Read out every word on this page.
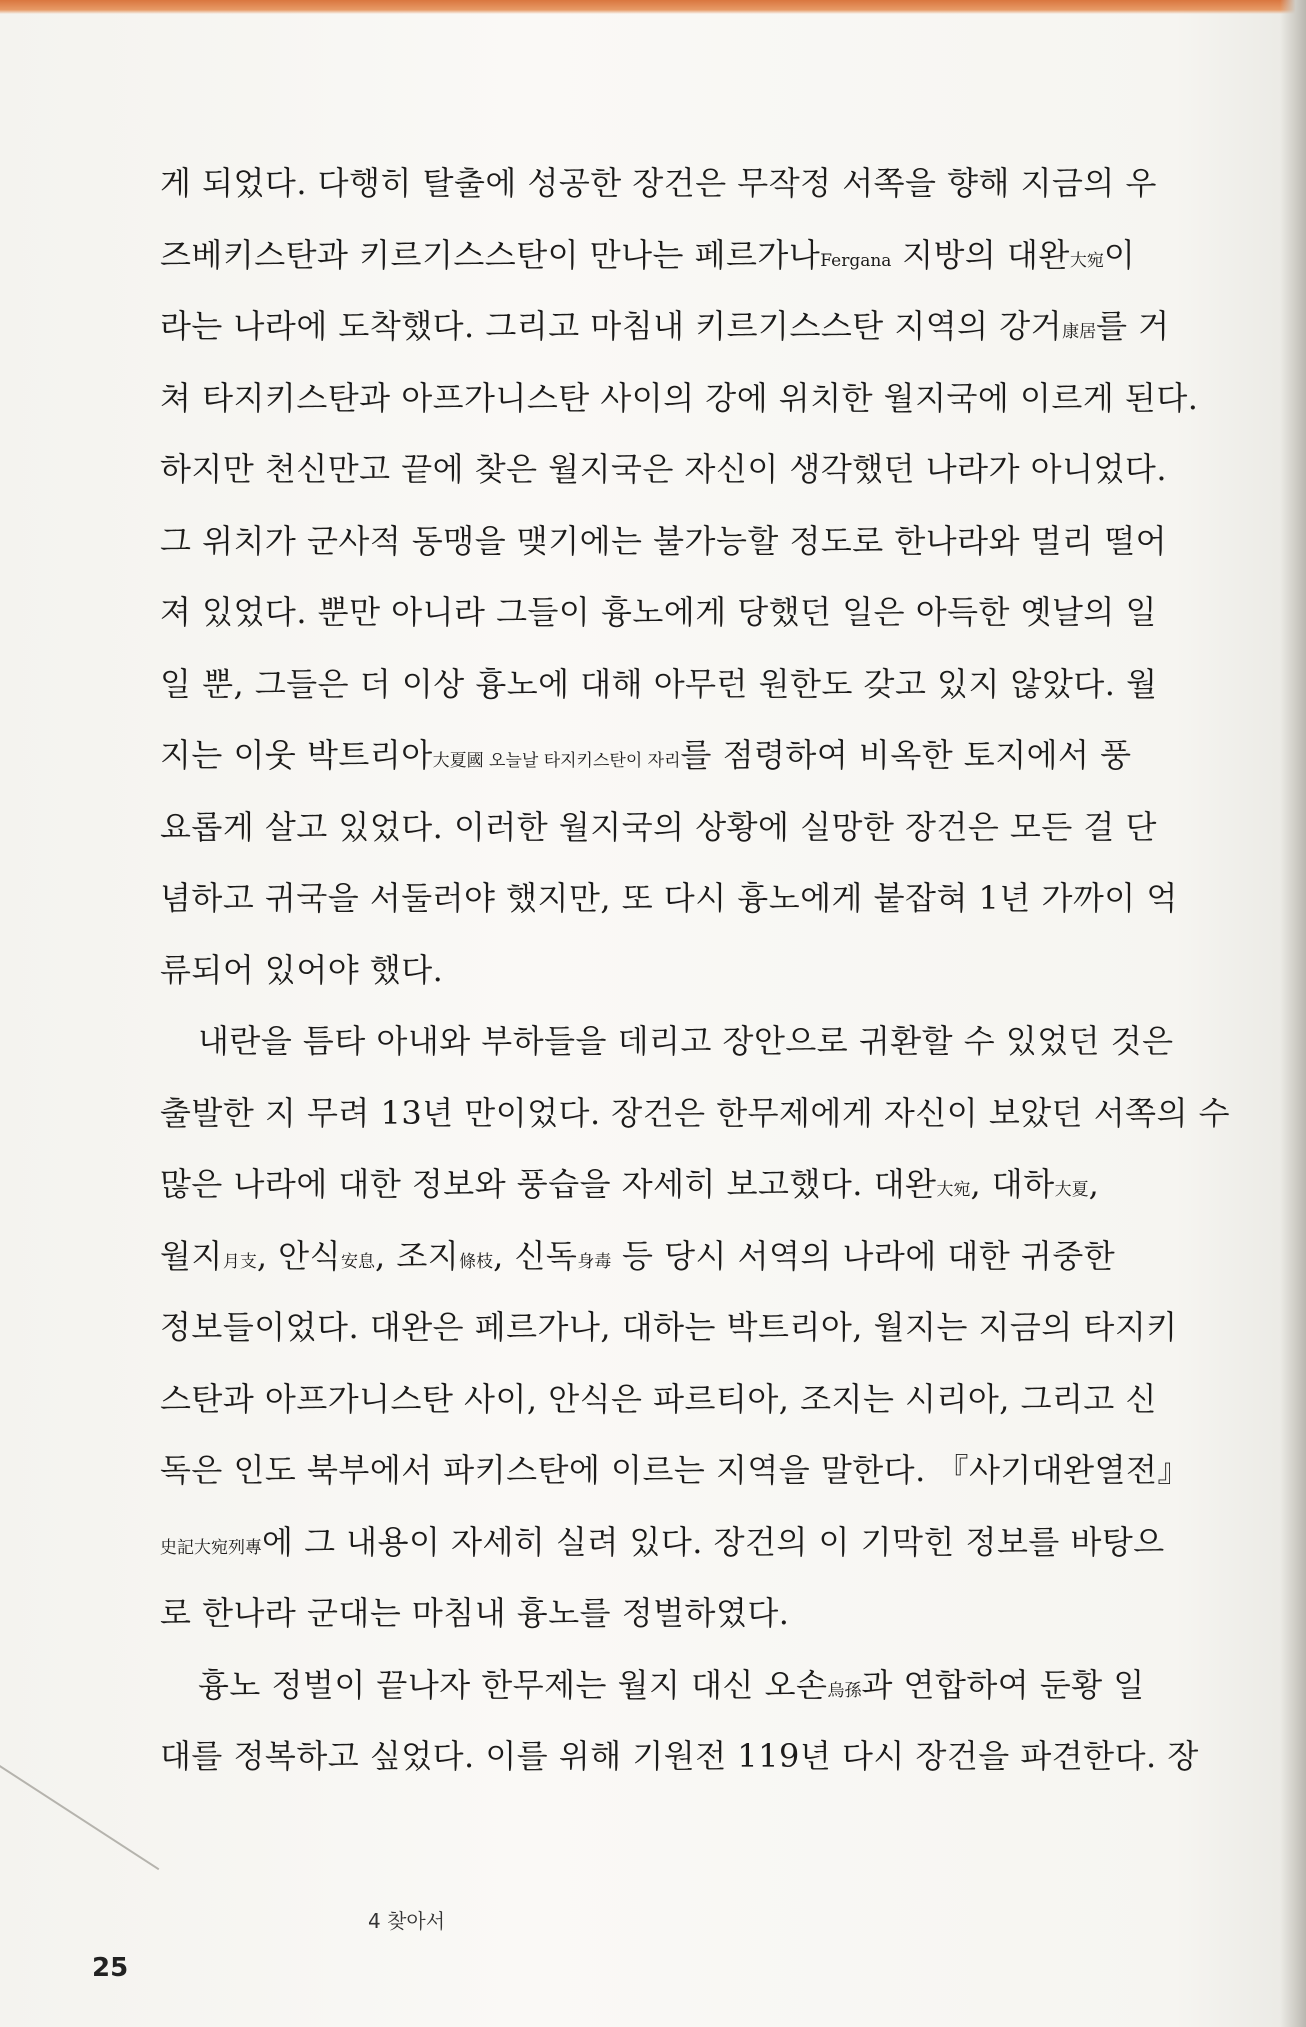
게 되었다. 다행히 탈출에 성공한 장건은 무작정 서쪽을 향해 지금의 우
즈베키스탄과 키르기스스탄이 만나는 페르가나Fergana 지방의 대완大宛이
라는 나라에 도착했다. 그리고 마침내 키르기스스탄 지역의 강거康居를 거
쳐 타지키스탄과 아프가니스탄 사이의 강에 위치한 월지국에 이르게 된다.
하지만 천신만고 끝에 찾은 월지국은 자신이 생각했던 나라가 아니었다.
그 위치가 군사적 동맹을 맺기에는 불가능할 정도로 한나라와 멀리 떨어
져 있었다. 뿐만 아니라 그들이 흉노에게 당했던 일은 아득한 옛날의 일
일 뿐, 그들은 더 이상 흉노에 대해 아무런 원한도 갖고 있지 않았다. 월
지는 이웃 박트리아大夏國 오늘날 타지키스탄이 자리를 점령하여 비옥한 토지에서 풍
요롭게 살고 있었다. 이러한 월지국의 상황에 실망한 장건은 모든 걸 단
념하고 귀국을 서둘러야 했지만, 또 다시 흉노에게 붙잡혀 1년 가까이 억
류되어 있어야 했다.
내란을 틈타 아내와 부하들을 데리고 장안으로 귀환할 수 있었던 것은
출발한 지 무려 13년 만이었다. 장건은 한무제에게 자신이 보았던 서쪽의 수
많은 나라에 대한 정보와 풍습을 자세히 보고했다. 대완大宛, 대하大夏,
월지月支, 안식安息, 조지條枝, 신독身毒 등 당시 서역의 나라에 대한 귀중한
정보들이었다. 대완은 페르가나, 대하는 박트리아, 월지는 지금의 타지키
스탄과 아프가니스탄 사이, 안식은 파르티아, 조지는 시리아, 그리고 신
독은 인도 북부에서 파키스탄에 이르는 지역을 말한다. 『사기대완열전』
史記大宛列專에 그 내용이 자세히 실려 있다. 장건의 이 기막힌 정보를 바탕으
로 한나라 군대는 마침내 흉노를 정벌하였다.
흉노 정벌이 끝나자 한무제는 월지 대신 오손烏孫과 연합하여 둔황 일
대를 정복하고 싶었다. 이를 위해 기원전 119년 다시 장건을 파견한다. 장
4 찾아서
25
